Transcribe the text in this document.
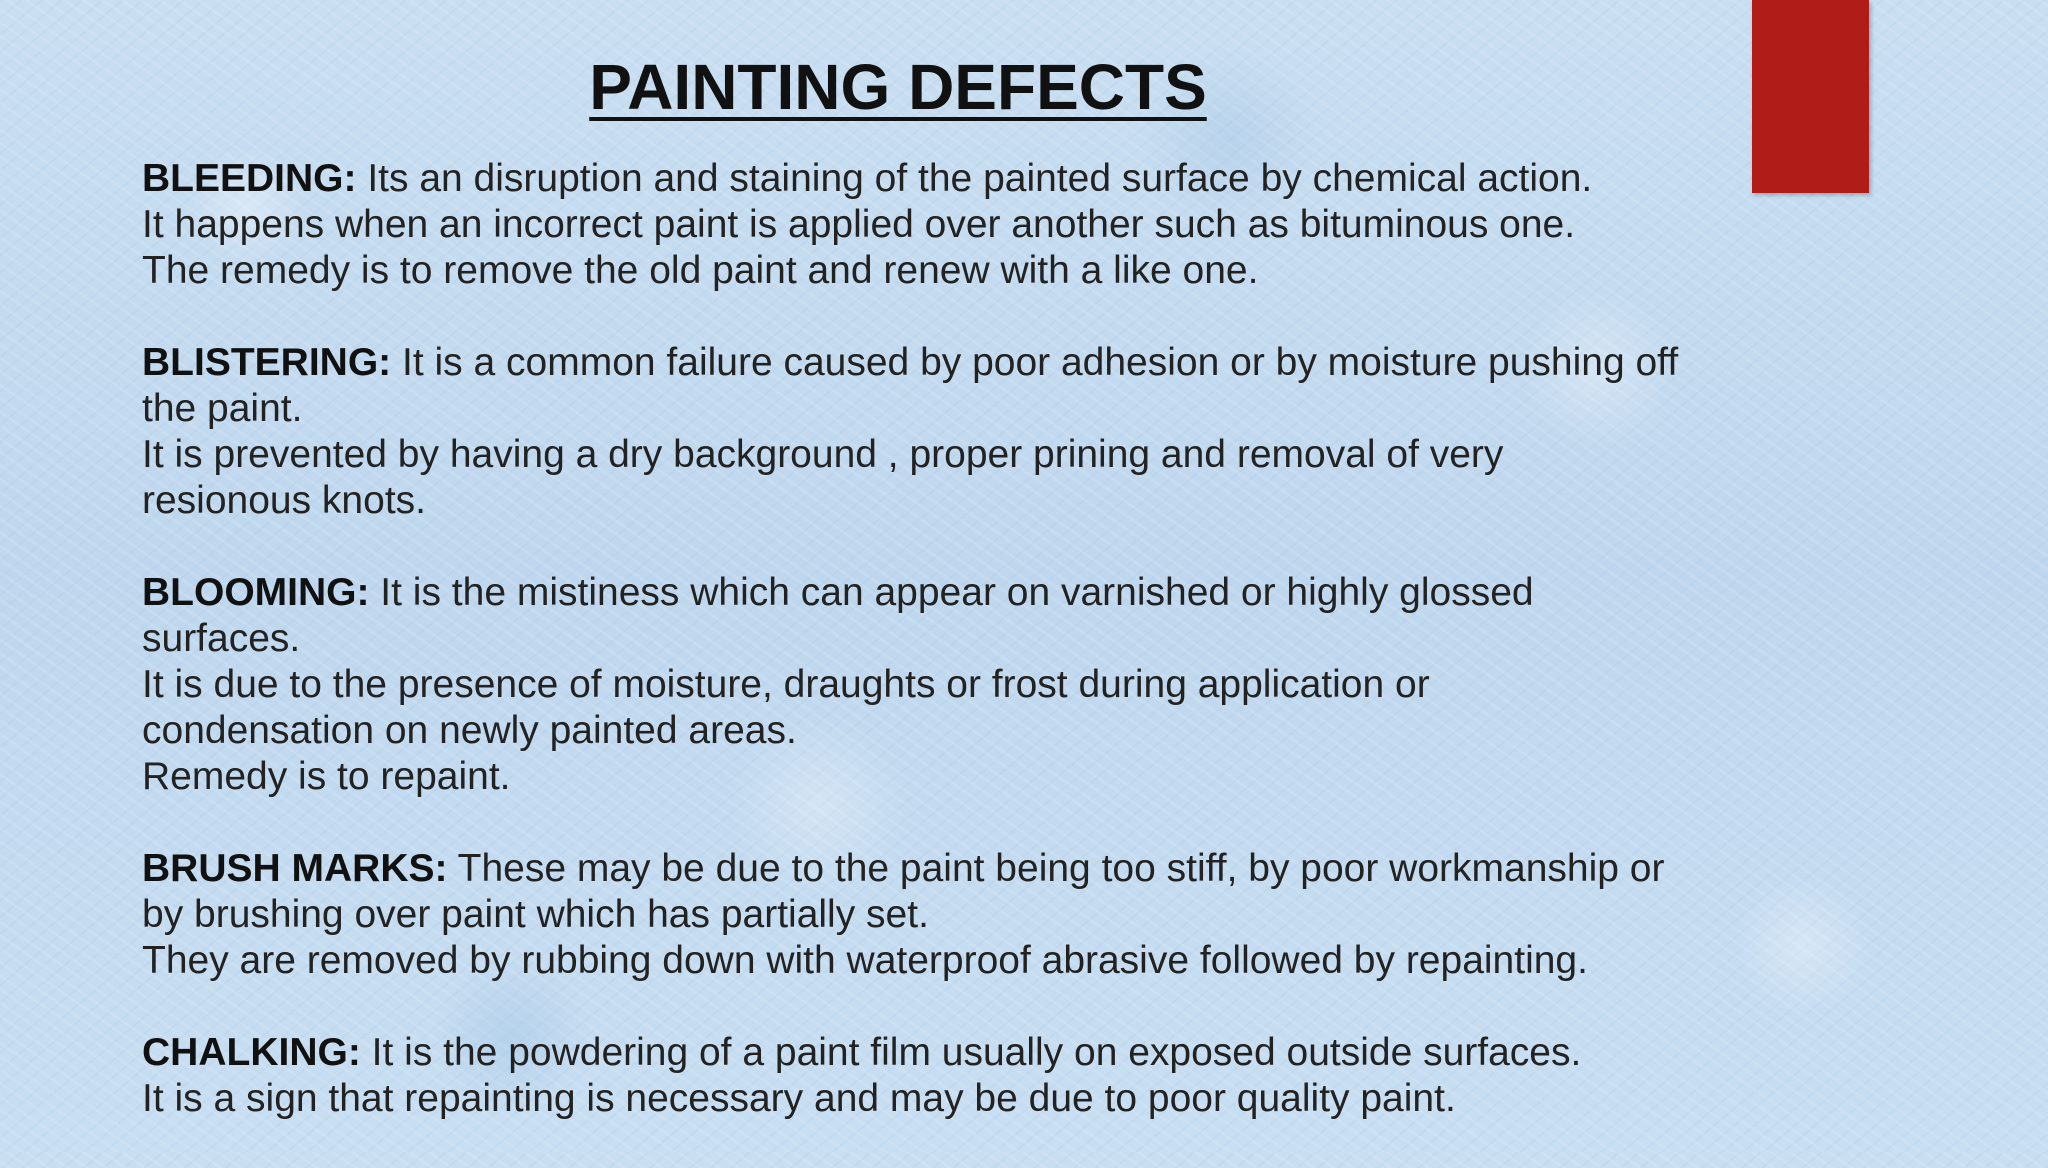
PAINTING DEFECTS
BLEEDING: Its an disruption and staining of the painted surface by chemical action.
It happens when an incorrect paint is applied over another such as bituminous one.
The remedy is to remove the old paint and renew with a like one.
BLISTERING: It is a common failure caused by poor adhesion or by moisture pushing off
the paint.
It is prevented by having a dry background , proper prining and removal of very
resionous knots.
BLOOMING: It is the mistiness which can appear on varnished or highly glossed
surfaces.
It is due to the presence of moisture, draughts or frost during application or
condensation on newly painted areas.
Remedy is to repaint.
BRUSH MARKS: These may be due to the paint being too stiff, by poor workmanship or
by brushing over paint which has partially set.
They are removed by rubbing down with waterproof abrasive followed by repainting.
CHALKING: It is the powdering of a paint film usually on exposed outside surfaces.
It is a sign that repainting is necessary and may be due to poor quality paint.
